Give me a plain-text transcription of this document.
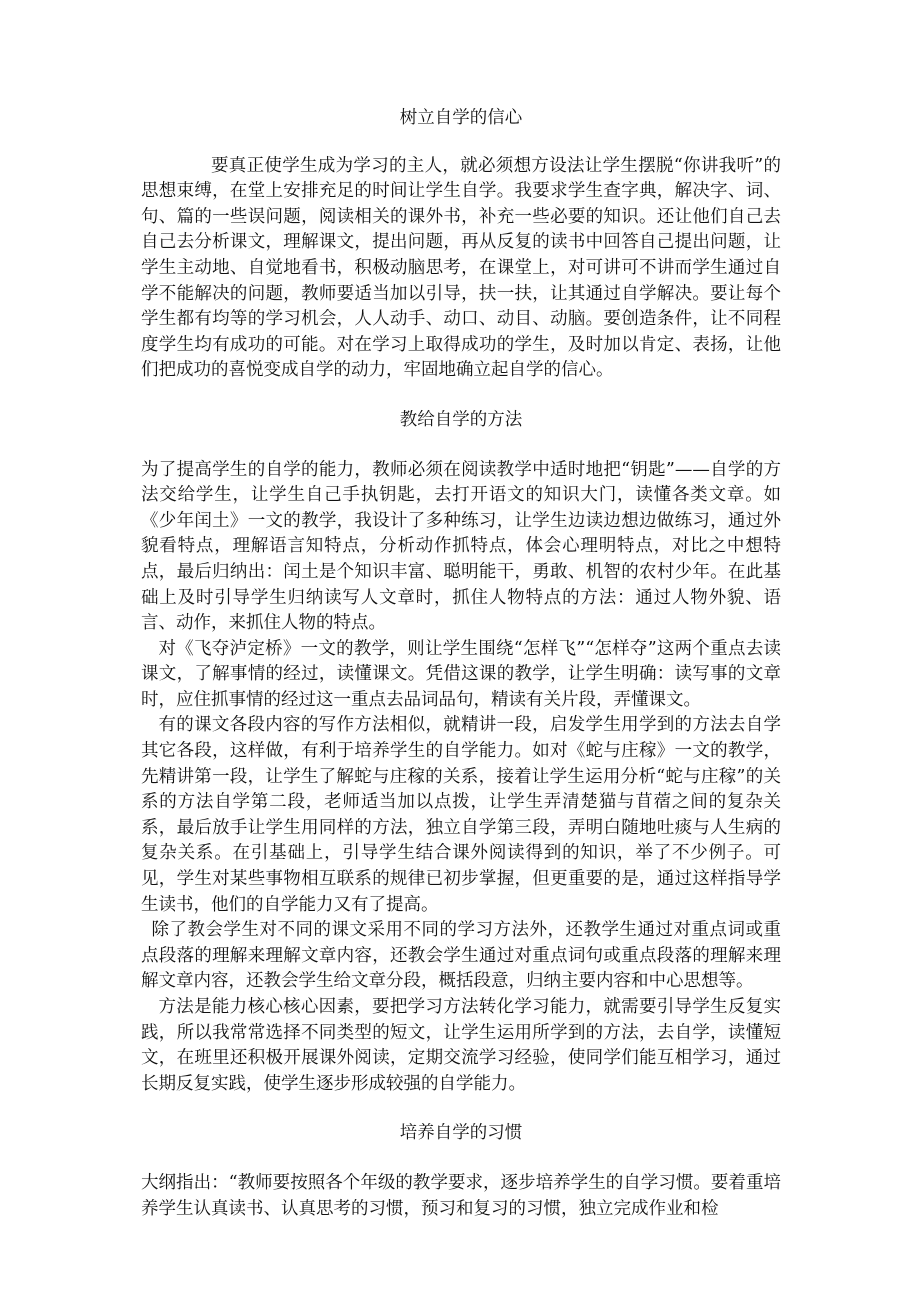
树立自学的信心

要真正使学生成为学习的主人，就必须想方设法让学生摆脱“你讲我听”的思想束缚，在堂上安排充足的时间让学生自学。我要求学生查字典，解决字、词、句、篇的一些误问题，阅读相关的课外书，补充一些必要的知识。还让他们自己去自己去分析课文，理解课文，提出问题，再从反复的读书中回答自己提出问题，让学生主动地、自觉地看书，积极动脑思考，在课堂上，对可讲可不讲而学生通过自学不能解决的问题，教师要适当加以引导，扶一扶，让其通过自学解决。要让每个学生都有均等的学习机会，人人动手、动口、动目、动脑。要创造条件，让不同程度学生均有成功的可能。对在学习上取得成功的学生，及时加以肯定、表扬，让他们把成功的喜悦变成自学的动力，牢固地确立起自学的信心。

教给自学的方法

为了提高学生的自学的能力，教师必须在阅读教学中适时地把“钥匙”——自学的方法交给学生，让学生自己手执钥匙，去打开语文的知识大门，读懂各类文章。如《少年闰土》一文的教学，我设计了多种练习，让学生边读边想边做练习，通过外貌看特点，理解语言知特点，分析动作抓特点，体会心理明特点，对比之中想特点，最后归纳出：闰土是个知识丰富、聪明能干，勇敢、机智的农村少年。在此基础上及时引导学生归纳读写人文章时，抓住人物特点的方法：通过人物外貌、语言、动作，来抓住人物的特点。

对《飞夺泸定桥》一文的教学，则让学生围绕“怎样飞”“怎样夺”这两个重点去读课文，了解事情的经过，读懂课文。凭借这课的教学，让学生明确：读写事的文章时，应住抓事情的经过这一重点去品词品句，精读有关片段，弄懂课文。

有的课文各段内容的写作方法相似，就精讲一段，启发学生用学到的方法去自学其它各段，这样做，有利于培养学生的自学能力。如对《蛇与庄稼》一文的教学，先精讲第一段，让学生了解蛇与庄稼的关系，接着让学生运用分析“蛇与庄稼”的关系的方法自学第二段，老师适当加以点拨，让学生弄清楚猫与苜蓿之间的复杂关系，最后放手让学生用同样的方法，独立自学第三段，弄明白随地吐痰与人生病的复杂关系。在引基础上，引导学生结合课外阅读得到的知识，举了不少例子。可见，学生对某些事物相互联系的规律已初步掌握，但更重要的是，通过这样指导学生读书，他们的自学能力又有了提高。

除了教会学生对不同的课文采用不同的学习方法外，还教学生通过对重点词或重点段落的理解来理解文章内容，还教会学生通过对重点词句或重点段落的理解来理解文章内容，还教会学生给文章分段，概括段意，归纳主要内容和中心思想等。

方法是能力核心核心因素，要把学习方法转化学习能力，就需要引导学生反复实践，所以我常常选择不同类型的短文，让学生运用所学到的方法，去自学，读懂短文，在班里还积极开展课外阅读，定期交流学习经验，使同学们能互相学习，通过长期反复实践，使学生逐步形成较强的自学能力。

培养自学的习惯

大纲指出：“教师要按照各个年级的教学要求，逐步培养学生的自学习惯。要着重培养学生认真读书、认真思考的习惯，预习和复习的习惯，独立完成作业和检
